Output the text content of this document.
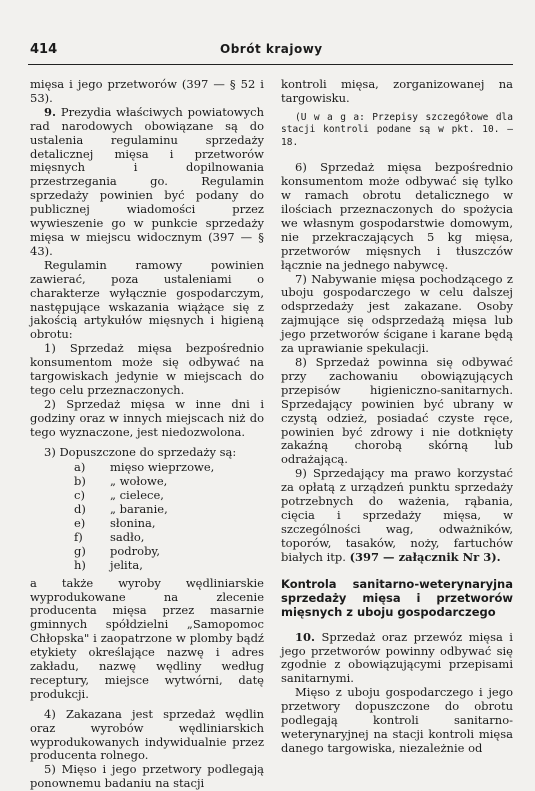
414	Obrót krajowy

mięsa i jego przetworów (397 — § 52 i 53).

9. Prezydia właściwych powiatowych rad narodowych obowiązane są do ustalenia regulaminu sprzedaży detalicznej mięsa i przetworów mięsnych i dopilnowania przestrzegania go. Regulamin sprzedaży powinien być podany do publicznej wiadomości przez wywieszenie go w punkcie sprzedaży mięsa w miejscu widocznym (397 — § 43).

Regulamin ramowy powinien zawierać, poza ustaleniami o charakterze wyłącznie gospodarczym, następujące wskazania wiążące się z jakością artykułów mięsnych i higieną obrotu:

1) Sprzedaż mięsa bezpośrednio konsumentom może się odbywać na targowiskach jedynie w miejscach do tego celu przeznaczonych.

2) Sprzedaż mięsa w inne dni i godziny oraz w innych miejscach niż do tego wyznaczone, jest niedozwolona.

3) Dopuszczone do sprzedaży są:

a)	mięso wieprzowe,
b)	„ wołowe,
c)	„ cielece,
d)	„ baranie,
e)	słonina,
f)	sadło,
g)	podroby,
h)	jelita,

a także wyroby wędliniarskie wyprodukowane na zlecenie producenta mięsa przez masarnie gminnych spółdzielni „Samopomoc Chłopska" i zaopatrzone w plomby bądź etykiety określające nazwę i adres zakładu, nazwę wędliny według receptury, miejsce wytwórni, datę produkcji.

4) Zakazana jest sprzedaż wędlin oraz wyrobów wędliniarskich wyprodukowanych indywidualnie przez producenta rolnego.

5) Mięso i jego przetwory podlegają ponownemu badaniu na stacji

kontroli mięsa, zorganizowanej na targowisku.

(U w a g a: Przepisy szczegółowe dla stacji kontroli podane są w pkt. 10. — 18.

6) Sprzedaż mięsa bezpośrednio konsumentom może odbywać się tylko w ramach obrotu detalicznego w ilościach przeznaczonych do spożycia we własnym gospodarstwie domowym, nie przekraczających 5 kg mięsa, przetworów mięsnych i tłuszczów łącznie na jednego nabywcę.

7) Nabywanie mięsa pochodzącego z uboju gospodarczego w celu dalszej odsprzedaży jest zakazane. Osoby zajmujące się odsprzedażą mięsa lub jego przetworów ścigane i karane będą za uprawianie spekulacji.

8) Sprzedaż powinna się odbywać przy zachowaniu obowiązujących przepisów higieniczno-sanitarnych. Sprzedający powinien być ubrany w czystą odzież, posiadać czyste ręce, powinien być zdrowy i nie dotknięty zakaźną chorobą skórną lub odrażającą.

9) Sprzedający ma prawo korzystać za opłatą z urządzeń punktu sprzedaży potrzebnych do ważenia, rąbania, cięcia i sprzedaży mięsa, w szczególności wag, odważników, toporów, tasaków, noży, fartuchów białych itp. (397 — załącznik Nr 3).

Kontrola sanitarno-weterynaryjna sprzedaży mięsa i przetworów mięsnych z uboju gospodarczego

10. Sprzedaż oraz przewóz mięsa i jego przetworów powinny odbywać się zgodnie z obowiązującymi przepisami sanitarnymi.

Mięso z uboju gospodarczego i jego przetwory dopuszczone do obrotu podlegają kontroli sanitarno-weterynaryjnej na stacji kontroli mięsa danego targowiska, niezależnie od
